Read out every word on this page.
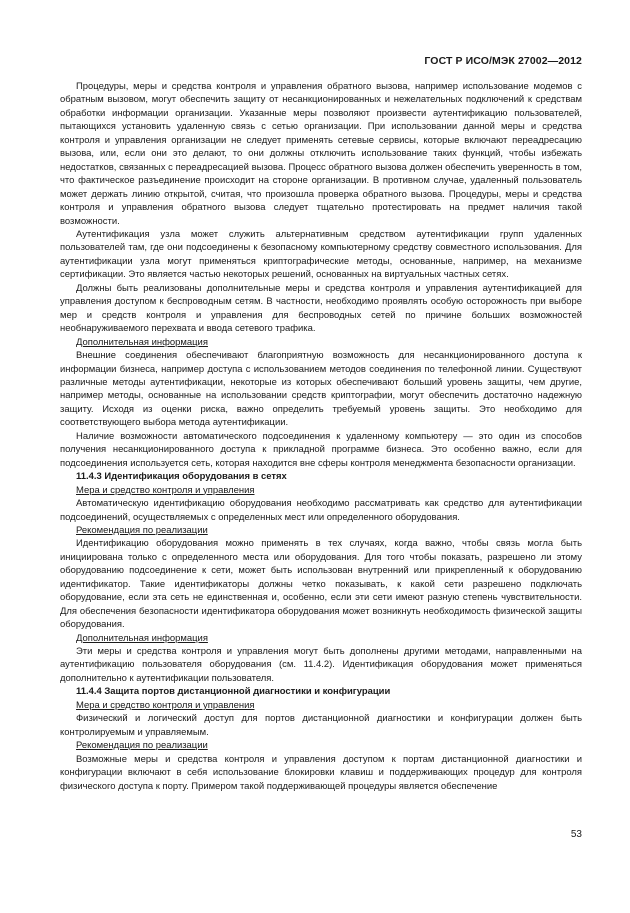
ГОСТ Р ИСО/МЭК 27002—2012

Процедуры, меры и средства контроля и управления обратного вызова, например использование модемов с обратным вызовом, могут обеспечить защиту от несанкционированных и нежелательных подключений к средствам обработки информации организации. Указанные меры позволяют произвести аутентификацию пользователей, пытающихся установить удаленную связь с сетью организации. При использовании данной меры и средства контроля и управления организации не следует применять сетевые сервисы, которые включают переадресацию вызова, или, если они это делают, то они должны отключить использование таких функций, чтобы избежать недостатков, связанных с переадресацией вызова. Процесс обратного вызова должен обеспечить уверенность в том, что фактическое разъединение происходит на стороне организации. В противном случае, удаленный пользователь может держать линию открытой, считая, что произошла проверка обратного вызова. Процедуры, меры и средства контроля и управления обратного вызова следует тщательно протестировать на предмет наличия такой возможности.

Аутентификация узла может служить альтернативным средством аутентификации групп удаленных пользователей там, где они подсоединены к безопасному компьютерному средству совместного использования. Для аутентификации узла могут применяться криптографические методы, основанные, например, на механизме сертификации. Это является частью некоторых решений, основанных на виртуальных частных сетях.

Должны быть реализованы дополнительные меры и средства контроля и управления аутентификацией для управления доступом к беспроводным сетям. В частности, необходимо проявлять особую осторожность при выборе мер и средств контроля и управления для беспроводных сетей по причине больших возможностей необнаруживаемого перехвата и ввода сетевого трафика.

Дополнительная информация

Внешние соединения обеспечивают благоприятную возможность для несанкционированного доступа к информации бизнеса, например доступа с использованием методов соединения по телефонной линии. Существуют различные методы аутентификации, некоторые из которых обеспечивают больший уровень защиты, чем другие, например методы, основанные на использовании средств криптографии, могут обеспечить достаточно надежную защиту. Исходя из оценки риска, важно определить требуемый уровень защиты. Это необходимо для соответствующего выбора метода аутентификации.

Наличие возможности автоматического подсоединения к удаленному компьютеру — это один из способов получения несанкционированного доступа к прикладной программе бизнеса. Это особенно важно, если для подсоединения используется сеть, которая находится вне сферы контроля менеджмента безопасности организации.

11.4.3 Идентификация оборудования в сетях

Мера и средство контроля и управления

Автоматическую идентификацию оборудования необходимо рассматривать как средство для аутентификации подсоединений, осуществляемых с определенных мест или определенного оборудования.

Рекомендация по реализации

Идентификацию оборудования можно применять в тех случаях, когда важно, чтобы связь могла быть инициирована только с определенного места или оборудования. Для того чтобы показать, разрешено ли этому оборудованию подсоединение к сети, может быть использован внутренний или прикрепленный к оборудованию идентификатор. Такие идентификаторы должны четко показывать, к какой сети разрешено подключать оборудование, если эта сеть не единственная и, особенно, если эти сети имеют разную степень чувствительности. Для обеспечения безопасности идентификатора оборудования может возникнуть необходимость физической защиты оборудования.

Дополнительная информация

Эти меры и средства контроля и управления могут быть дополнены другими методами, направленными на аутентификацию пользователя оборудования (см. 11.4.2). Идентификация оборудования может применяться дополнительно к аутентификации пользователя.

11.4.4 Защита портов дистанционной диагностики и конфигурации

Мера и средство контроля и управления

Физический и логический доступ для портов дистанционной диагностики и конфигурации должен быть контролируемым и управляемым.

Рекомендация по реализации

Возможные меры и средства контроля и управления доступом к портам дистанционной диагностики и конфигурации включают в себя использование блокировки клавиш и поддерживающих процедур для контроля физического доступа к порту. Примером такой поддерживающей процедуры является обеспечение

53
